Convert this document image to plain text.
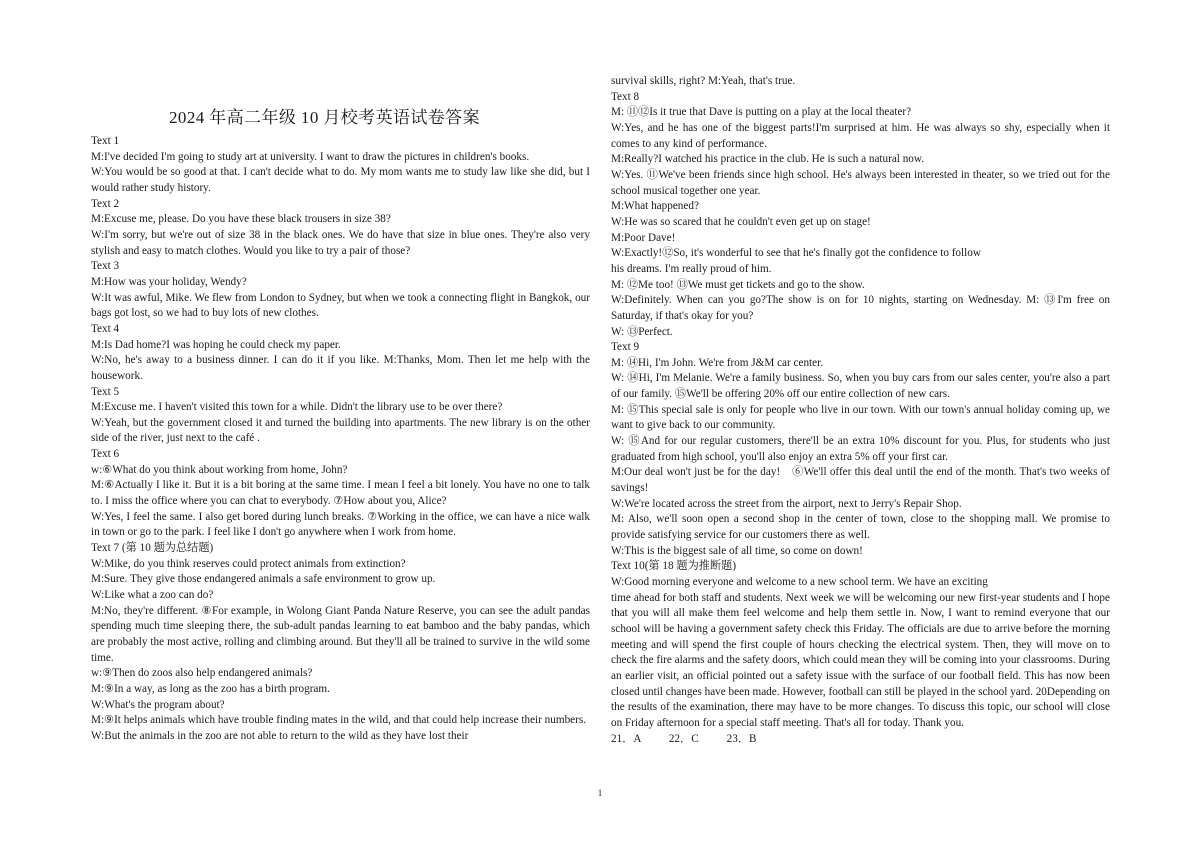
2024 年高二年级 10 月校考英语试卷答案
Text 1
M:I've decided I'm going to study art at university. I want to draw the pictures in children's books.
W:You would be so good at that. I can't decide what to do. My mom wants me to study law like she did, but I would rather study history.
Text 2
M:Excuse me, please. Do you have these black trousers in size 38?
W:I'm sorry, but we're out of size 38 in the black ones. We do have that size in blue ones. They're also very stylish and easy to match clothes. Would you like to try a pair of those?
Text 3
M:How was your holiday, Wendy?
W:It was awful, Mike. We flew from London to Sydney, but when we took a connecting flight in Bangkok, our bags got lost, so we had to buy lots of new clothes.
Text 4
M:Is Dad home?I was hoping he could check my paper.
W:No, he's away to a business dinner. I can do it if you like. M:Thanks, Mom. Then let me help with the housework.
Text 5
M:Excuse me. I haven't visited this town for a while. Didn't the library use to be over there?
W:Yeah, but the government closed it and turned the building into apartments. The new library is on the other side of the river, just next to the café .
Text 6
w:⑥What do you think about working from home, John?
M:⑥Actually I like it. But it is a bit boring at the same time. I mean I feel a bit lonely. You have no one to talk to. I miss the office where you can chat to everybody. ⑦How about you, Alice?
W:Yes, I feel the same. I also get bored during lunch breaks. ⑦Working in the office, we can have a nice walk in town or go to the park. I feel like I don't go anywhere when I work from home.
Text 7 (第 10 题为总结题)
W:Mike, do you think reserves could protect animals from extinction?
M:Sure. They give those endangered animals a safe environment to grow up.
W:Like what a zoo can do?
M:No, they're different. ⑧For example, in Wolong Giant Panda Nature Reserve, you can see the adult pandas spending much time sleeping there, the sub-adult pandas learning to eat bamboo and the baby pandas, which are probably the most active, rolling and climbing around. But they'll all be trained to survive in the wild some time.
w:⑨Then do zoos also help endangered animals?
M:⑨In a way, as long as the zoo has a birth program.
W:What's the program about?
M:⑨It helps animals which have trouble finding mates in the wild, and that could help increase their numbers.
W:But the animals in the zoo are not able to return to the wild as they have lost their
survival skills, right? M:Yeah, that's true.
Text 8
M: ⑪⑫Is it true that Dave is putting on a play at the local theater?
W:Yes, and he has one of the biggest parts!I'm surprised at him. He was always so shy, especially when it comes to any kind of performance.
M:Really?I watched his practice in the club. He is such a natural now.
W:Yes. ⑪We've been friends since high school. He's always been interested in theater, so we tried out for the school musical together one year.
M:What happened?
W:He was so scared that he couldn't even get up on stage!
M:Poor Dave!
W:Exactly!⑫So, it's wonderful to see that he's finally got the confidence to follow
his dreams. I'm really proud of him.
M: ⑫Me too! ⑬We must get tickets and go to the show.
W:Definitely. When can you go?The show is on for 10 nights, starting on Wednesday. M: ⑬I'm free on Saturday, if that's okay for you?
W: ⑬Perfect.
Text 9
M: ⑭Hi, I'm John. We're from J&M car center.
W: ⑭Hi, I'm Melanie. We're a family business. So, when you buy cars from our sales center, you're also a part of our family. ⑮We'll be offering 20% off our entire collection of new cars.
M: ⑮This special sale is only for people who live in our town. With our town's annual holiday coming up, we want to give back to our community.
W: ⑮And for our regular customers, there'll be an extra 10% discount for you. Plus, for students who just graduated from high school, you'll also enjoy an extra 5% off your first car.
M:Our deal won't just be for the day!　⑥We'll offer this deal until the end of the month. That's two weeks of savings!
W:We're located across the street from the airport, next to Jerry's Repair Shop.
M: Also, we'll soon open a second shop in the center of town, close to the shopping mall. We promise to provide satisfying service for our customers there as well.
W:This is the biggest sale of all time, so come on down!
Text 10(第 18 题为推断题)
W:Good morning everyone and welcome to a new school term. We have an exciting
time ahead for both staff and students. Next week we will be welcoming our new first-year students and I hope that you will all make them feel welcome and help them settle in. Now, I want to remind everyone that our school will be having a government safety check this Friday. The officials are due to arrive before the morning meeting and will spend the first couple of hours checking the electrical system. Then, they will move on to check the fire alarms and the safety doors, which could mean they will be coming into your classrooms. During an earlier visit, an official pointed out a safety issue with the surface of our football field. This has now been closed until changes have been made. However, football can still be played in the school yard. 20Depending on the results of the examination, there may have to be more changes. To discuss this topic, our school will close on Friday afternoon for a special staff meeting. That's all for today. Thank you.
21．A　 22．C　 23．B
1
